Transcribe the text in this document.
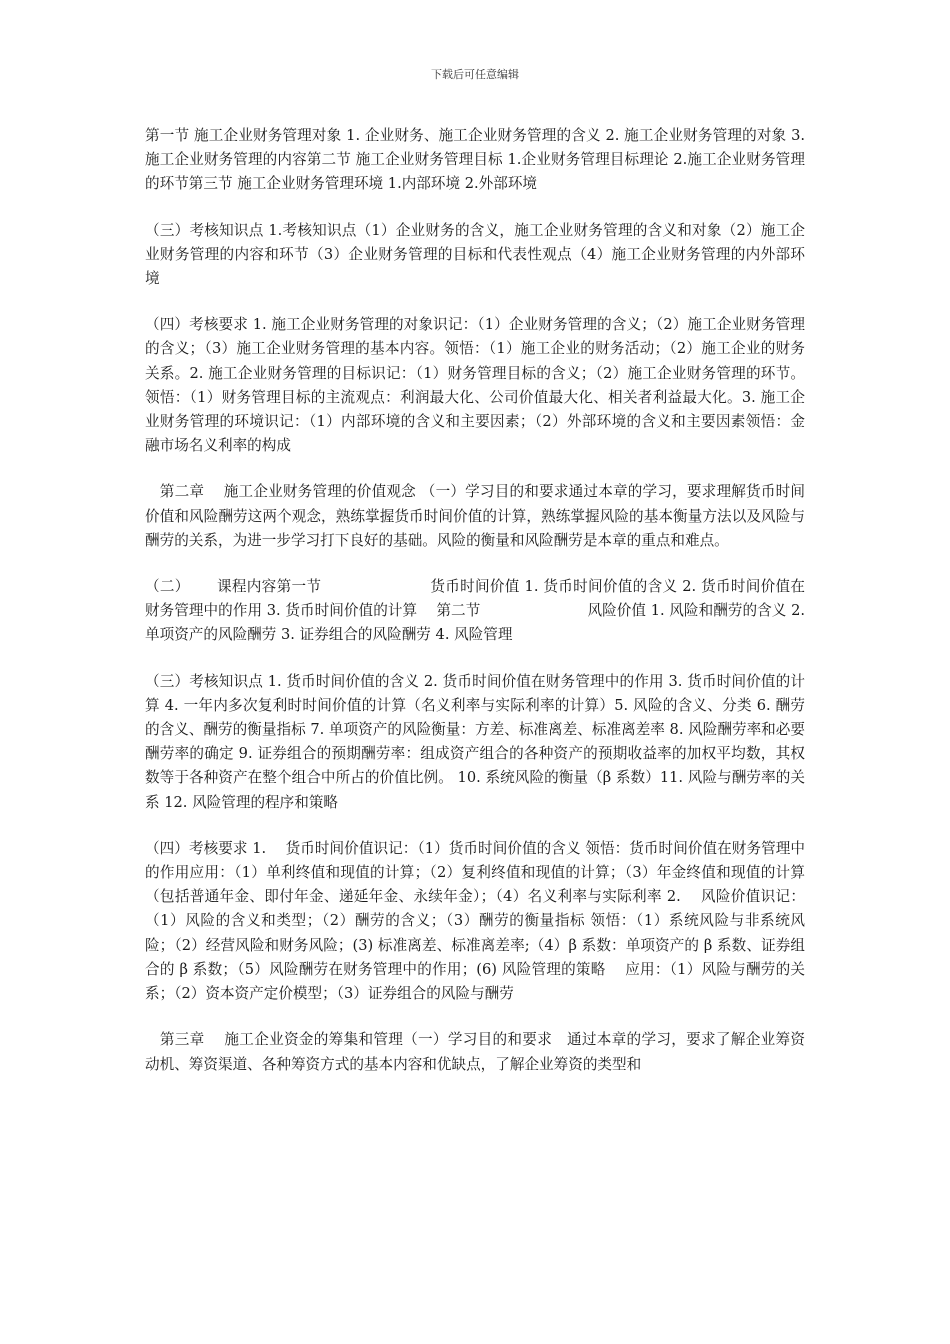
下载后可任意编辑

第一节 施工企业财务管理对象 1. 企业财务、施工企业财务管理的含义 2. 施工企业财务管理的对象 3. 施工企业财务管理的内容第二节 施工企业财务管理目标 1.企业财务管理目标理论 2.施工企业财务管理的环节第三节 施工企业财务管理环境 1.内部环境 2.外部环境

（三）考核知识点 1.考核知识点（1）企业财务的含义，施工企业财务管理的含义和对象（2）施工企业财务管理的内容和环节（3）企业财务管理的目标和代表性观点（4）施工企业财务管理的内外部环境

（四）考核要求 1. 施工企业财务管理的对象识记：（1）企业财务管理的含义；（2）施工企业财务管理的含义；（3）施工企业财务管理的基本内容。领悟：（1）施工企业的财务活动；（2）施工企业的财务关系。2. 施工企业财务管理的目标识记：（1）财务管理目标的含义；（2）施工企业财务管理的环节。领悟：（1）财务管理目标的主流观点：利润最大化、公司价值最大化、相关者利益最大化。3. 施工企业财务管理的环境识记：（1）内部环境的含义和主要因素；（2）外部环境的含义和主要因素领悟：金融市场名义利率的构成

　第二章　 施工企业财务管理的价值观念 （一）学习目的和要求通过本章的学习，要求理解货币时间价值和风险酬劳这两个观念，熟练掌握货币时间价值的计算，熟练掌握风险的基本衡量方法以及风险与酬劳的关系，为进一步学习打下良好的基础。风险的衡量和风险酬劳是本章的重点和难点。

（二）　　 课程内容第一节　　　　　　　 货币时间价值 1. 货币时间价值的含义 2. 货币时间价值在财务管理中的作用 3. 货币时间价值的计算　 第二节　　　　　　　 风险价值 1. 风险和酬劳的含义 2. 单项资产的风险酬劳 3. 证券组合的风险酬劳 4. 风险管理

（三）考核知识点 1. 货币时间价值的含义 2. 货币时间价值在财务管理中的作用 3. 货币时间价值的计算 4. 一年内多次复利时时间价值的计算（名义利率与实际利率的计算）5. 风险的含义、分类 6. 酬劳的含义、酬劳的衡量指标 7. 单项资产的风险衡量：方差、标准离差、标准离差率 8. 风险酬劳率和必要酬劳率的确定 9. 证券组合的预期酬劳率：组成资产组合的各种资产的预期收益率的加权平均数，其权数等于各种资产在整个组合中所占的价值比例。 10. 系统风险的衡量（β 系数）11. 风险与酬劳率的关系 12. 风险管理的程序和策略

（四）考核要求 1.　 货币时间价值识记：（1）货币时间价值的含义 领悟：货币时间价值在财务管理中的作用应用：（1）单利终值和现值的计算；（2）复利终值和现值的计算；（3）年金终值和现值的计算（包括普通年金、即付年金、递延年金、永续年金）；（4）名义利率与实际利率 2.　 风险价值识记：（1）风险的含义和类型；（2）酬劳的含义；（3）酬劳的衡量指标 领悟：（1）系统风险与非系统风险；（2）经营风险和财务风险；(3) 标准离差、标准离差率;（4）β 系数：单项资产的 β 系数、证券组合的 β 系数；（5）风险酬劳在财务管理中的作用；(6) 风险管理的策略　 应用：（1）风险与酬劳的关系；（2）资本资产定价模型；（3）证券组合的风险与酬劳

　第三章　 施工企业资金的筹集和管理（一）学习目的和要求　通过本章的学习，要求了解企业筹资动机、筹资渠道、各种筹资方式的基本内容和优缺点，了解企业筹资的类型和
